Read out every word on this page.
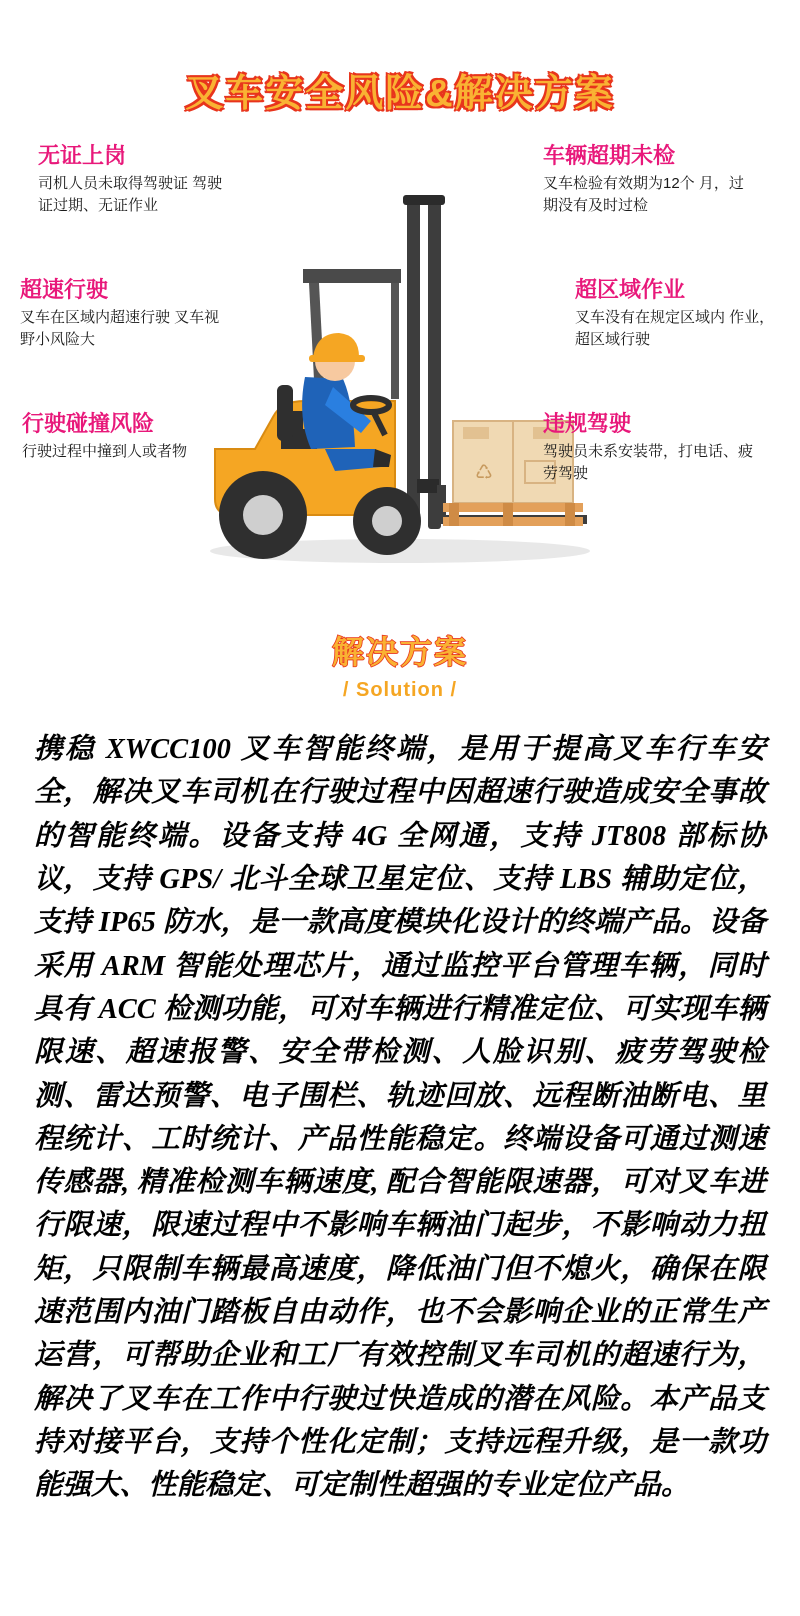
叉车安全风险&解决方案
♺
无证上岗
司机人员未取得驾驶证 驾驶证过期、无证作业
超速行驶
叉车在区域内超速行驶 叉车视野小风险大
行驶碰撞风险
行驶过程中撞到人或者物
车辆超期未检
叉车检验有效期为12个 月，过期没有及时过检
超区域作业
叉车没有在规定区域内 作业，超区域行驶
违规驾驶
驾驶员未系安装带，打电话、疲劳驾驶
解决方案
/ Solution /
携稳 XWCC100 叉车智能终端，是用于提高叉车行车安全，解决叉车司机在行驶过程中因超速行驶造成安全事故的智能终端。设备支持 4G 全网通，支持 JT808 部标协议，支持 GPS/ 北斗全球卫星定位、支持 LBS 辅助定位，支持 IP65 防水，是一款高度模块化设计的终端产品。设备采用 ARM 智能处理芯片，通过监控平台管理车辆，同时具有 ACC 检测功能，可对车辆进行精准定位、可实现车辆限速、超速报警、安全带检测、人脸识别、疲劳驾驶检测、雷达预警、电子围栏、轨迹回放、远程断油断电、里程统计、工时统计、产品性能稳定。终端设备可通过测速传感器, 精准检测车辆速度, 配合智能限速器，可对叉车进行限速，限速过程中不影响车辆油门起步，不影响动力扭矩，只限制车辆最高速度，降低油门但不熄火，确保在限速范围内油门踏板自由动作，也不会影响企业的正常生产运营，可帮助企业和工厂有效控制叉车司机的超速行为，解决了叉车在工作中行驶过快造成的潜在风险。本产品支持对接平台，支持个性化定制；支持远程升级，是一款功能强大、性能稳定、可定制性超强的专业定位产品。
